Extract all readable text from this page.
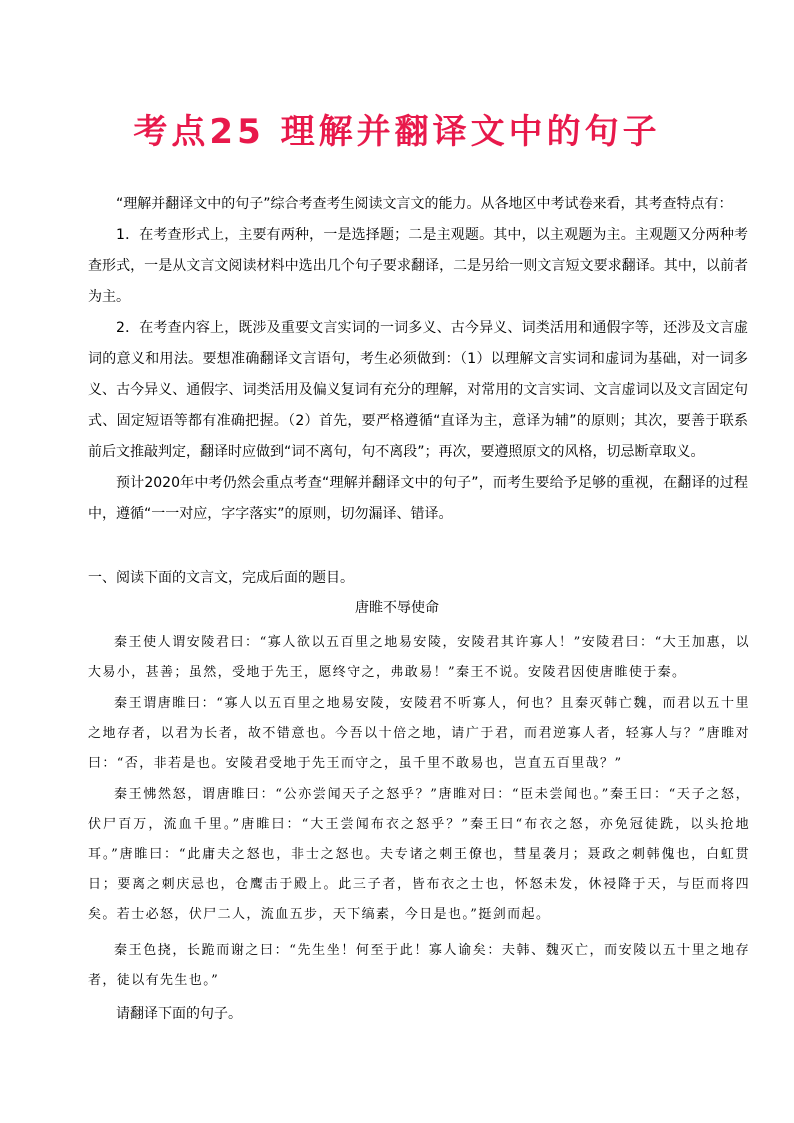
考点25 理解并翻译文中的句子

“理解并翻译文中的句子”综合考查考生阅读文言文的能力。从各地区中考试卷来看，其考查特点有：

1．在考查形式上，主要有两种，一是选择题；二是主观题。其中，以主观题为主。主观题又分两种考查形式，一是从文言文阅读材料中选出几个句子要求翻译，二是另给一则文言短文要求翻译。其中，以前者为主。

2．在考查内容上，既涉及重要文言实词的一词多义、古今异义、词类活用和通假字等，还涉及文言虚词的意义和用法。要想准确翻译文言语句，考生必须做到：（1）以理解文言实词和虚词为基础，对一词多义、古今异义、通假字、词类活用及偏义复词有充分的理解，对常用的文言实词、文言虚词以及文言固定句式、固定短语等都有准确把握。（2）首先，要严格遵循“直译为主，意译为辅”的原则；其次，要善于联系前后文推敲判定，翻译时应做到“词不离句，句不离段”；再次，要遵照原文的风格，切忌断章取义。

预计2020年中考仍然会重点考查“理解并翻译文中的句子”，而考生要给予足够的重视，在翻译的过程中，遵循“一一对应，字字落实”的原则，切勿漏译、错译。

一、阅读下面的文言文，完成后面的题目。

唐睢不辱使命

秦王使人谓安陵君曰：“寡人欲以五百里之地易安陵，安陵君其许寡人！”安陵君曰：“大王加惠，以大易小，甚善；虽然，受地于先王，愿终守之，弗敢易！”秦王不说。安陵君因使唐睢使于秦。

秦王谓唐睢曰：“寡人以五百里之地易安陵，安陵君不听寡人，何也？且秦灭韩亡魏，而君以五十里之地存者，以君为长者，故不错意也。今吾以十倍之地，请广于君，而君逆寡人者，轻寡人与？”唐睢对曰：“否，非若是也。安陵君受地于先王而守之，虽千里不敢易也，岂直五百里哉？”

秦王怫然怒，谓唐睢曰：“公亦尝闻天子之怒乎？”唐睢对曰：“臣未尝闻也。”秦王曰：“天子之怒，伏尸百万，流血千里。”唐睢曰：“大王尝闻布衣之怒乎？”秦王曰“布衣之怒，亦免冠徒跣，以头抢地耳。”唐睢曰：“此庸夫之怒也，非士之怒也。夫专诸之刺王僚也，彗星袭月；聂政之刺韩傀也，白虹贯日；要离之刺庆忌也，仓鹰击于殿上。此三子者，皆布衣之士也，怀怒未发，休祲降于天，与臣而将四矣。若士必怒，伏尸二人，流血五步，天下缟素，今日是也。”挺剑而起。

秦王色挠，长跪而谢之曰：“先生坐！何至于此！寡人谕矣：夫韩、魏灭亡，而安陵以五十里之地存者，徒以有先生也。”

请翻译下面的句子。
